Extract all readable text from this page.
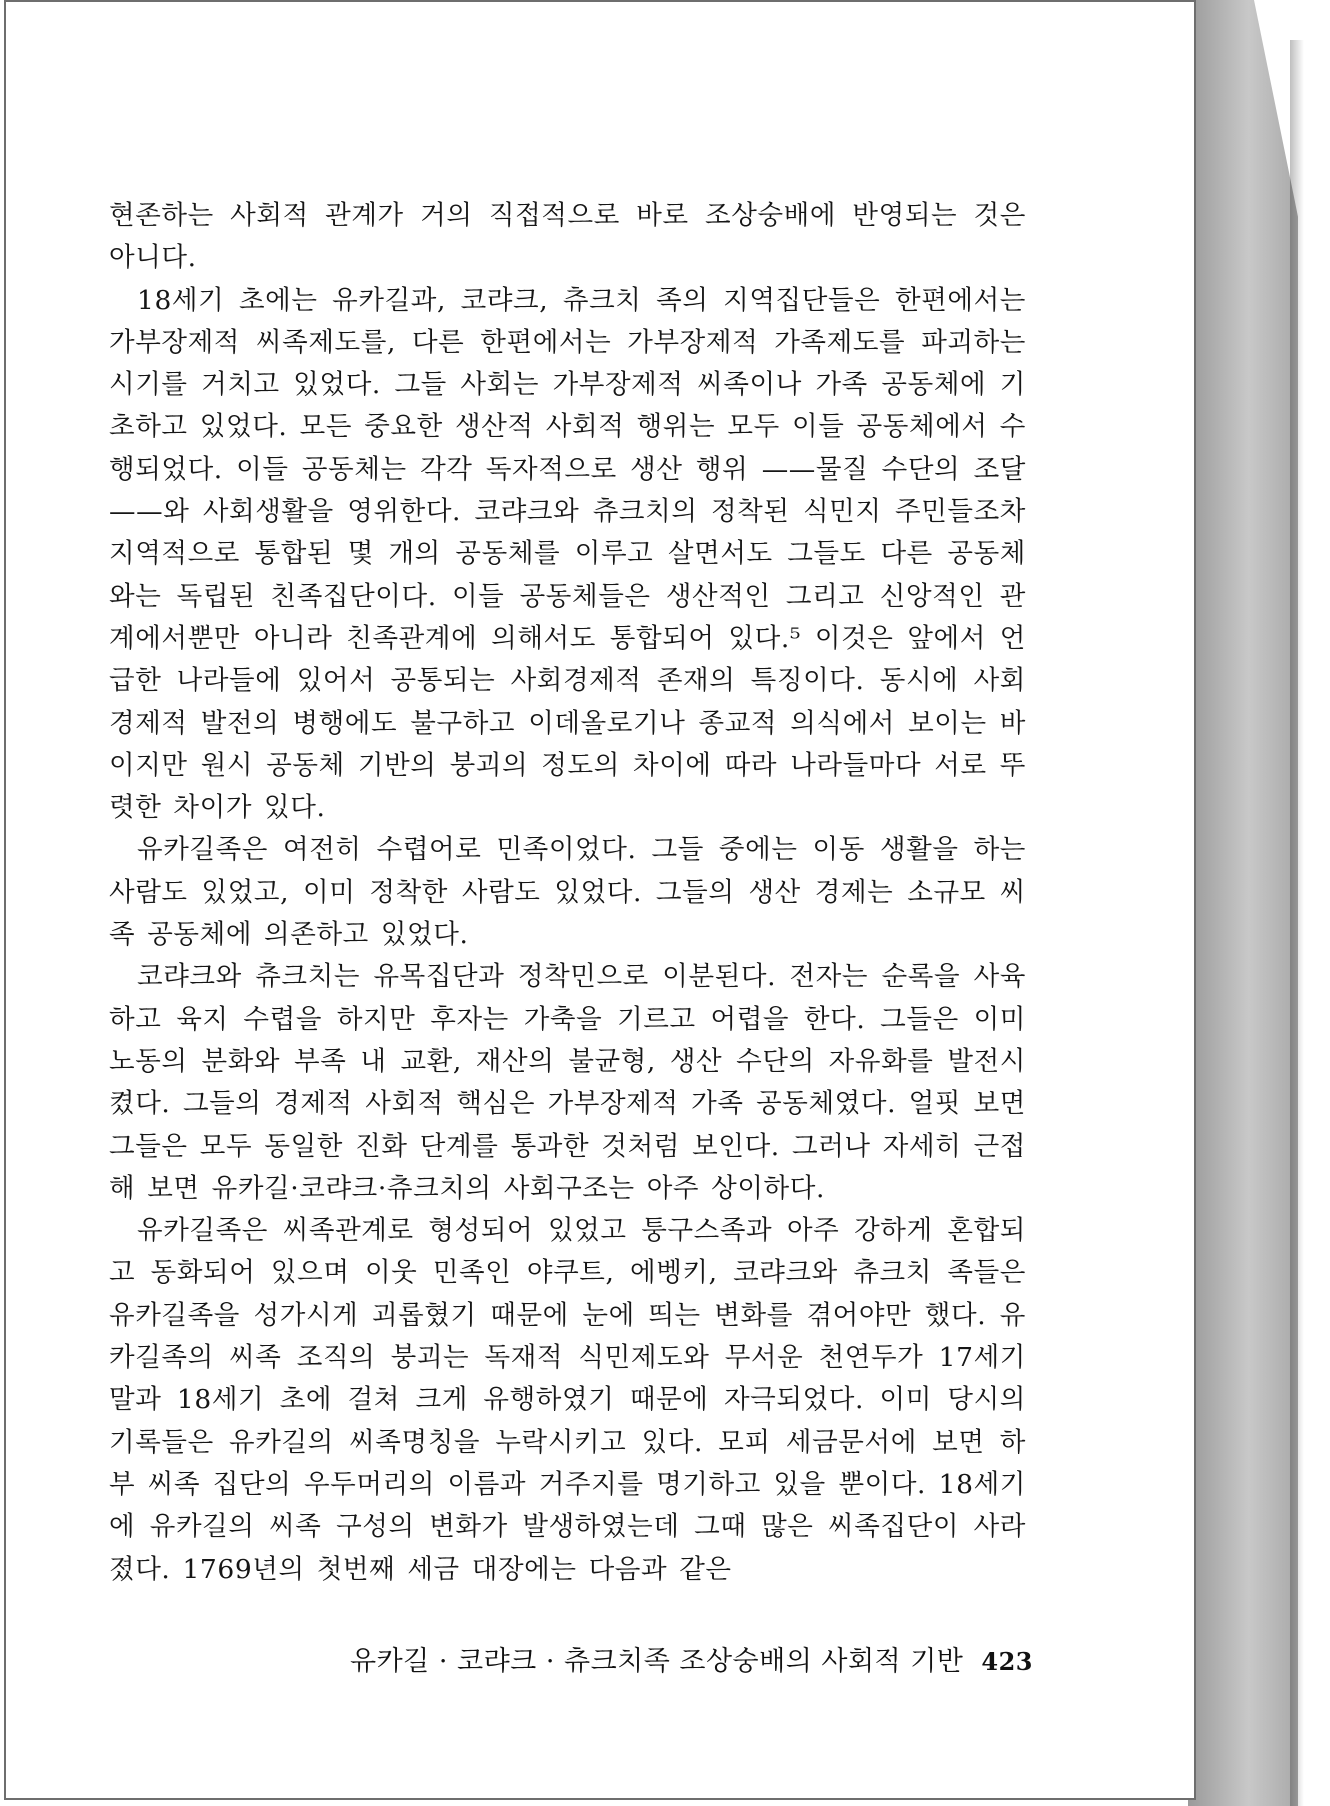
현존하는 사회적 관계가 거의 직접적으로 바로 조상숭배에 반영되는 것은 아니다.

18세기 초에는 유카길과, 코랴크, 츄크치 족의 지역집단들은 한편에서는 가부장제적 씨족제도를, 다른 한편에서는 가부장제적 가족제도를 파괴하는 시기를 거치고 있었다. 그들 사회는 가부장제적 씨족이나 가족 공동체에 기초하고 있었다. 모든 중요한 생산적 사회적 행위는 모두 이들 공동체에서 수행되었다. 이들 공동체는 각각 독자적으로 생산 행위 ——물질 수단의 조달——와 사회생활을 영위한다. 코랴크와 츄크치의 정착된 식민지 주민들조차 지역적으로 통합된 몇 개의 공동체를 이루고 살면서도 그들도 다른 공동체와는 독립된 친족집단이다. 이들 공동체들은 생산적인 그리고 신앙적인 관계에서뿐만 아니라 친족관계에 의해서도 통합되어 있다.⁵ 이것은 앞에서 언급한 나라들에 있어서 공통되는 사회경제적 존재의 특징이다. 동시에 사회경제적 발전의 병행에도 불구하고 이데올로기나 종교적 의식에서 보이는 바이지만 원시 공동체 기반의 붕괴의 정도의 차이에 따라 나라들마다 서로 뚜렷한 차이가 있다.

유카길족은 여전히 수렵어로 민족이었다. 그들 중에는 이동 생활을 하는 사람도 있었고, 이미 정착한 사람도 있었다. 그들의 생산 경제는 소규모 씨족 공동체에 의존하고 있었다.

코랴크와 츄크치는 유목집단과 정착민으로 이분된다. 전자는 순록을 사육하고 육지 수렵을 하지만 후자는 가축을 기르고 어렵을 한다. 그들은 이미 노동의 분화와 부족 내 교환, 재산의 불균형, 생산 수단의 자유화를 발전시켰다. 그들의 경제적 사회적 핵심은 가부장제적 가족 공동체였다. 얼핏 보면 그들은 모두 동일한 진화 단계를 통과한 것처럼 보인다. 그러나 자세히 근접해 보면 유카길·코랴크·츄크치의 사회구조는 아주 상이하다.

유카길족은 씨족관계로 형성되어 있었고 퉁구스족과 아주 강하게 혼합되고 동화되어 있으며 이웃 민족인 야쿠트, 에벵키, 코랴크와 츄크치 족들은 유카길족을 성가시게 괴롭혔기 때문에 눈에 띄는 변화를 겪어야만 했다. 유카길족의 씨족 조직의 붕괴는 독재적 식민제도와 무서운 천연두가 17세기 말과 18세기 초에 걸쳐 크게 유행하였기 때문에 자극되었다. 이미 당시의 기록들은 유카길의 씨족명칭을 누락시키고 있다. 모피 세금문서에 보면 하부 씨족 집단의 우두머리의 이름과 거주지를 명기하고 있을 뿐이다. 18세기에 유카길의 씨족 구성의 변화가 발생하였는데 그때 많은 씨족집단이 사라졌다. 1769년의 첫번째 세금 대장에는 다음과 같은

유카길 · 코랴크 · 츄크치족 조상숭배의 사회적 기반 423
